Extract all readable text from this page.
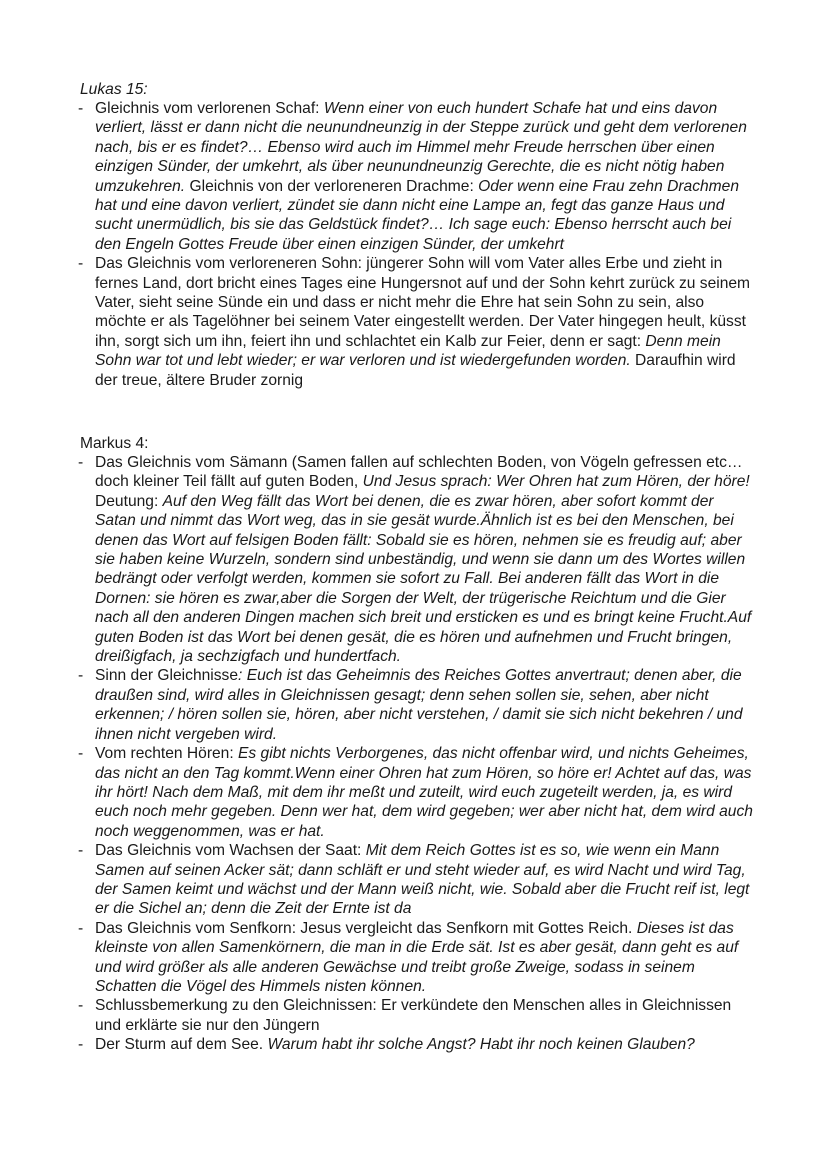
Lukas 15:
- Gleichnis vom verlorenen Schaf: Wenn einer von euch hundert Schafe hat und eins davon verliert, lässt er dann nicht die neunundneunzig in der Steppe zurück und geht dem verlorenen nach, bis er es findet?… Ebenso wird auch im Himmel mehr Freude herrschen über einen einzigen Sünder, der umkehrt, als über neunundneunzig Gerechte, die es nicht nötig haben umzukehren. Gleichnis von der verloreneren Drachme: Oder wenn eine Frau zehn Drachmen hat und eine davon verliert, zündet sie dann nicht eine Lampe an, fegt das ganze Haus und sucht unermüdlich, bis sie das Geldstück findet?… Ich sage euch: Ebenso herrscht auch bei den Engeln Gottes Freude über einen einzigen Sünder, der umkehrt
- Das Gleichnis vom verloreneren Sohn: jüngerer Sohn will vom Vater alles Erbe und zieht in fernes Land, dort bricht eines Tages eine Hungersnot auf und der Sohn kehrt zurück zu seinem Vater, sieht seine Sünde ein und dass er nicht mehr die Ehre hat sein Sohn zu sein, also möchte er als Tagelöhner bei seinem Vater eingestellt werden. Der Vater hingegen heult, küsst ihn, sorgt sich um ihn, feiert ihn und schlachtet ein Kalb zur Feier, denn er sagt: Denn mein Sohn war tot und lebt wieder; er war verloren und ist wiedergefunden worden. Daraufhin wird der treue, ältere Bruder zornig
Markus 4:
- Das Gleichnis vom Sämann (Samen fallen auf schlechten Boden, von Vögeln gefressen etc… doch kleiner Teil fällt auf guten Boden, Und Jesus sprach: Wer Ohren hat zum Hören, der höre! Deutung: Auf den Weg fällt das Wort bei denen, die es zwar hören, aber sofort kommt der Satan und nimmt das Wort weg, das in sie gesät wurde.Ähnlich ist es bei den Menschen, bei denen das Wort auf felsigen Boden fällt: Sobald sie es hören, nehmen sie es freudig auf; aber sie haben keine Wurzeln, sondern sind unbeständig, und wenn sie dann um des Wortes willen bedrängt oder verfolgt werden, kommen sie sofort zu Fall. Bei anderen fällt das Wort in die Dornen: sie hören es zwar,aber die Sorgen der Welt, der trügerische Reichtum und die Gier nach all den anderen Dingen machen sich breit und ersticken es und es bringt keine Frucht.Auf guten Boden ist das Wort bei denen gesät, die es hören und aufnehmen und Frucht bringen, dreißigfach, ja sechzigfach und hundertfach.
- Sinn der Gleichnisse: Euch ist das Geheimnis des Reiches Gottes anvertraut; denen aber, die draußen sind, wird alles in Gleichnissen gesagt; denn sehen sollen sie, sehen, aber nicht erkennen; / hören sollen sie, hören, aber nicht verstehen, / damit sie sich nicht bekehren / und ihnen nicht vergeben wird.
- Vom rechten Hören: Es gibt nichts Verborgenes, das nicht offenbar wird, und nichts Geheimes, das nicht an den Tag kommt.Wenn einer Ohren hat zum Hören, so höre er! Achtet auf das, was ihr hört! Nach dem Maß, mit dem ihr meßt und zuteilt, wird euch zugeteilt werden, ja, es wird euch noch mehr gegeben. Denn wer hat, dem wird gegeben; wer aber nicht hat, dem wird auch noch weggenommen, was er hat.
- Das Gleichnis vom Wachsen der Saat: Mit dem Reich Gottes ist es so, wie wenn ein Mann Samen auf seinen Acker sät; dann schläft er und steht wieder auf, es wird Nacht und wird Tag, der Samen keimt und wächst und der Mann weiß nicht, wie. Sobald aber die Frucht reif ist, legt er die Sichel an; denn die Zeit der Ernte ist da
- Das Gleichnis vom Senfkorn: Jesus vergleicht das Senfkorn mit Gottes Reich. Dieses ist das kleinste von allen Samenkörnern, die man in die Erde sät. Ist es aber gesät, dann geht es auf und wird größer als alle anderen Gewächse und treibt große Zweige, sodass in seinem Schatten die Vögel des Himmels nisten können.
- Schlussbemerkung zu den Gleichnissen: Er verkündete den Menschen alles in Gleichnissen und erklärte sie nur den Jüngern
- Der Sturm auf dem See. Warum habt ihr solche Angst? Habt ihr noch keinen Glauben?
